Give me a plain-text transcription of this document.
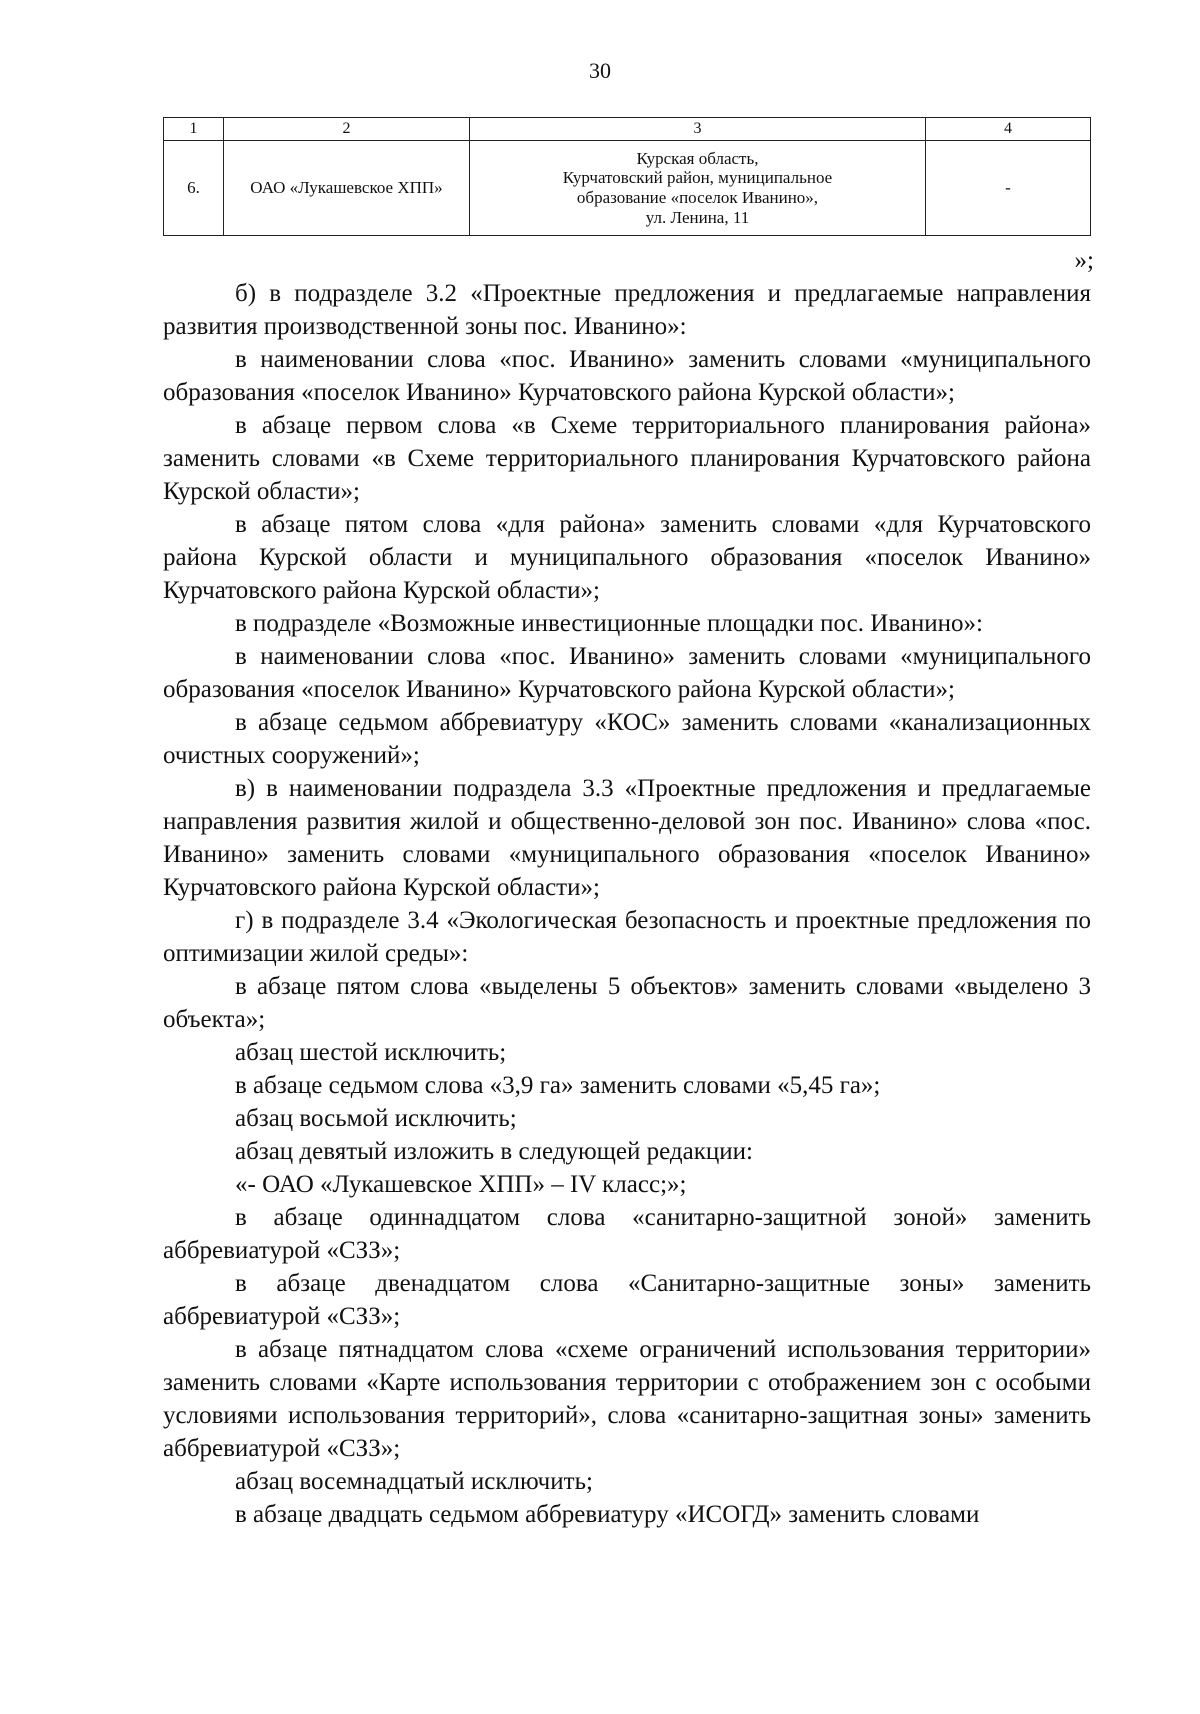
30
1	2	3	4
6.	ОАО «Лукашевское ХПП»	Курская область,
Курчатовский район, муниципальное
образование «поселок Иванино»,
ул. Ленина, 11	-
»;

б) в подразделе 3.2 «Проектные предложения и предлагаемые направления развития производственной зоны пос. Иванино»:

в наименовании слова «пос. Иванино» заменить словами «муниципального образования «поселок Иванино» Курчатовского района Курской области»;

в абзаце первом слова «в Схеме территориального планирования района» заменить словами «в Схеме территориального планирования Курчатовского района Курской области»;

в абзаце пятом слова «для района» заменить словами «для Курчатовского района Курской области и муниципального образования «поселок Иванино» Курчатовского района Курской области»;

в подразделе «Возможные инвестиционные площадки пос. Иванино»:

в наименовании слова «пос. Иванино» заменить словами «муниципального образования «поселок Иванино» Курчатовского района Курской области»;

в абзаце седьмом аббревиатуру «КОС» заменить словами «канализационных очистных сооружений»;

в) в наименовании подраздела 3.3 «Проектные предложения и предлагаемые направления развития жилой и общественно-деловой зон пос. Иванино» слова «пос. Иванино» заменить словами «муниципального образования «поселок Иванино» Курчатовского района Курской области»;

г) в подразделе 3.4 «Экологическая безопасность и проектные предложения по оптимизации жилой среды»:

в абзаце пятом слова «выделены 5 объектов» заменить словами «выделено 3 объекта»;

абзац шестой исключить;

в абзаце седьмом слова «3,9 га» заменить словами «5,45 га»;

абзац восьмой исключить;

абзац девятый изложить в следующей редакции:

«- ОАО «Лукашевское ХПП» – IV класс;»;

в абзаце одиннадцатом слова «санитарно-защитной зоной» заменить аббревиатурой «СЗЗ»;

в абзаце двенадцатом слова «Санитарно-защитные зоны» заменить аббревиатурой «СЗЗ»;

в абзаце пятнадцатом слова «схеме ограничений использования территории» заменить словами «Карте использования территории с отображением зон с особыми условиями использования территорий», слова «санитарно-защитная зоны» заменить аббревиатурой «СЗЗ»;

абзац восемнадцатый исключить;

в абзаце двадцать седьмом аббревиатуру «ИСОГД» заменить словами
